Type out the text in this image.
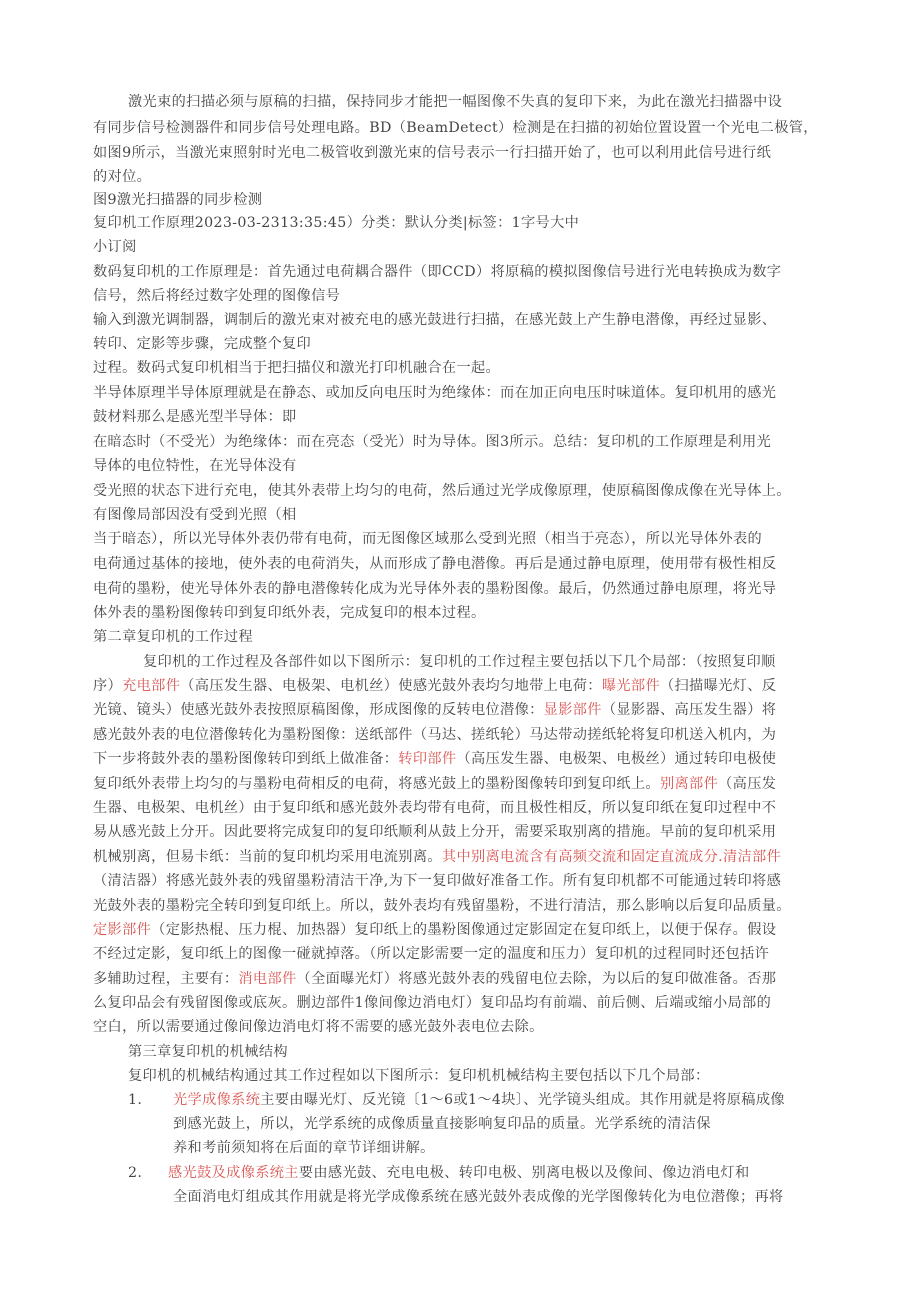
激光束的扫描必须与原稿的扫描，保持同步才能把一幅图像不失真的复印下来，为此在激光扫描器中设
有同步信号检测器件和同步信号处理电路。BD（BeamDetect）检测是在扫描的初始位置设置一个光电二极管，
如图9所示，当激光束照射时光电二极管收到激光束的信号表示一行扫描开始了，也可以利用此信号进行纸
的对位。
图9激光扫描器的同步检测
复印机工作原理2023-03-2313:35:45）分类：默认分类|标签：1字号大中
小订阅
数码复印机的工作原理是：首先通过电荷耦合器件（即CCD）将原稿的模拟图像信号进行光电转换成为数字
信号，然后将经过数字处理的图像信号
输入到激光调制器，调制后的激光束对被充电的感光鼓进行扫描，在感光鼓上产生静电潜像，再经过显影、
转印、定影等步骤，完成整个复印
过程。数码式复印机相当于把扫描仪和激光打印机融合在一起。
半导体原理半导体原理就是在静态、或加反向电压时为绝缘体：而在加正向电压时味道体。复印机用的感光
鼓材料那么是感光型半导体：即
在暗态时（不受光）为绝缘体：而在亮态（受光）时为导体。图3所示。总结：复印机的工作原理是利用光
导体的电位特性，在光导体没有
受光照的状态下进行充电，使其外表带上均匀的电荷，然后通过光学成像原理，使原稿图像成像在光导体上。
有图像局部因没有受到光照（相
当于暗态），所以光导体外表仍带有电荷，而无图像区域那么受到光照（相当于亮态），所以光导体外表的
电荷通过基体的接地，使外表的电荷消失，从而形成了静电潜像。再后是通过静电原理，使用带有极性相反
电荷的墨粉，使光导体外表的静电潜像转化成为光导体外表的墨粉图像。最后，仍然通过静电原理，将光导
体外表的墨粉图像转印到复印纸外表，完成复印的根本过程。
第二章复印机的工作过程
复印机的工作过程及各部件如以下图所示：复印机的工作过程主要包括以下几个局部：（按照复印顺
序）充电部件（高压发生器、电极架、电机丝）使感光鼓外表均匀地带上电荷：曝光部件（扫描曝光灯、反
光镜、镜头）使感光鼓外表按照原稿图像，形成图像的反转电位潜像：显影部件（显影器、高压发生器）将
感光鼓外表的电位潜像转化为墨粉图像：送纸部件（马达、搓纸轮）马达带动搓纸轮将复印机送入机内，为
下一步将鼓外表的墨粉图像转印到纸上做准备：转印部件（高压发生器、电极架、电极丝）通过转印电极使
复印纸外表带上均匀的与墨粉电荷相反的电荷，将感光鼓上的墨粉图像转印到复印纸上。别离部件（高压发
生器、电极架、电机丝）由于复印纸和感光鼓外表均带有电荷，而且极性相反，所以复印纸在复印过程中不
易从感光鼓上分开。因此要将完成复印的复印纸顺利从鼓上分开，需要采取别离的措施。早前的复印机采用
机械别离，但易卡纸：当前的复印机均采用电流别离。其中别离电流含有高频交流和固定直流成分.清洁部件
（清洁器）将感光鼓外表的残留墨粉清洁干净,为下一复印做好准备工作。所有复印机都不可能通过转印将感
光鼓外表的墨粉完全转印到复印纸上。所以，鼓外表均有残留墨粉，不进行清洁，那么影响以后复印品质量。
定影部件（定影热棍、压力棍、加热器）复印纸上的墨粉图像通过定影固定在复印纸上，以便于保存。假设
不经过定影，复印纸上的图像一碰就掉落。（所以定影需要一定的温度和压力）复印机的过程同时还包括许
多辅助过程，主要有：消电部件（全面曝光灯）将感光鼓外表的残留电位去除，为以后的复印做准备。否那
么复印品会有残留图像或底灰。删边部件1像间像边消电灯）复印品均有前端、前后侧、后端或缩小局部的
空白，所以需要通过像间像边消电灯将不需要的感光鼓外表电位去除。
第三章复印机的机械结构
复印机的机械结构通过其工作过程如以下图所示：复印机机械结构主要包括以下几个局部：
1. 光学成像系统主要由曝光灯、反光镜〔1～6或1～4块〕、光学镜头组成。其作用就是将原稿成像
到感光鼓上，所以，光学系统的成像质量直接影响复印品的质量。光学系统的清洁保
养和考前须知将在后面的章节详细讲解。
2. 感光鼓及成像系统主要由感光鼓、充电电极、转印电极、别离电极以及像间、像边消电灯和
全面消电灯组成其作用就是将光学成像系统在感光鼓外表成像的光学图像转化为电位潜像；再将
